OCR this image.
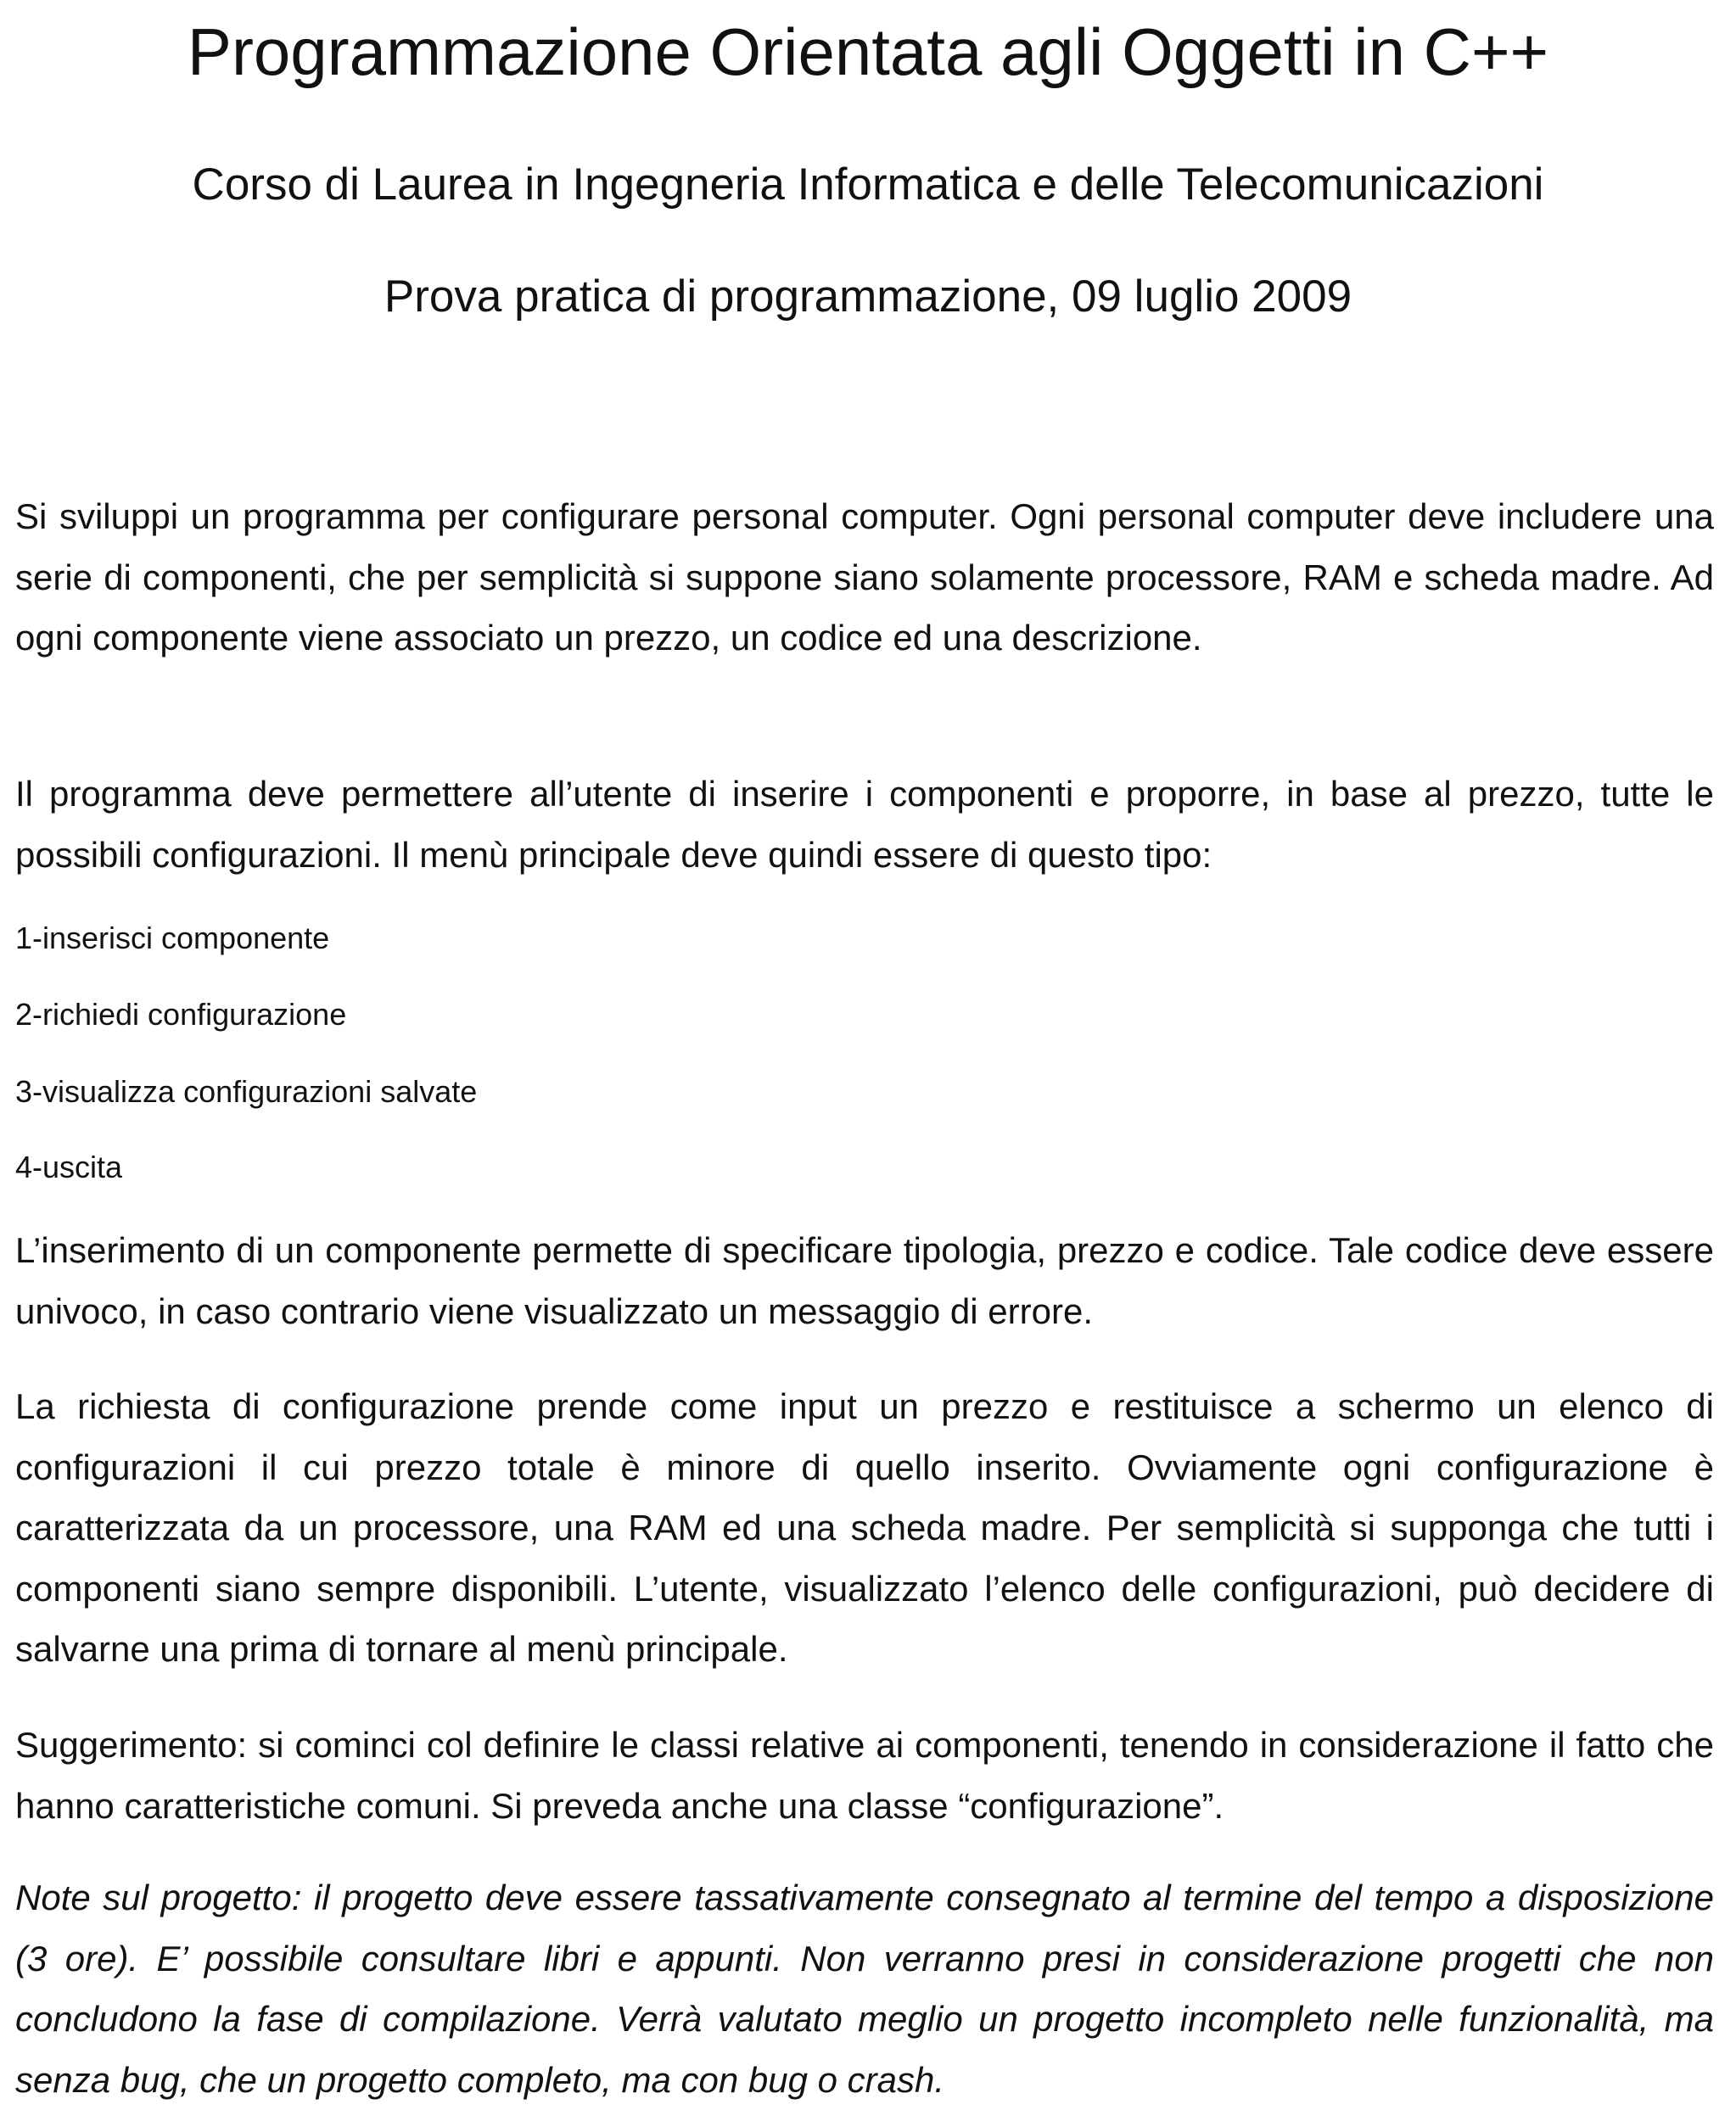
Programmazione Orientata agli Oggetti in C++
Corso di Laurea in Ingegneria Informatica e delle Telecomunicazioni
Prova pratica di programmazione, 09 luglio 2009

Si sviluppi un programma per configurare personal computer. Ogni personal computer deve includere una serie di componenti, che per semplicità si suppone siano solamente processore, RAM e scheda madre. Ad ogni componente viene associato un prezzo, un codice ed una descrizione.

Il programma deve permettere all’utente di inserire i componenti e proporre, in base al prezzo, tutte le possibili configurazioni. Il menù principale deve quindi essere di questo tipo:

1-inserisci componente

2-richiedi configurazione

3-visualizza configurazioni salvate

4-uscita

L’inserimento di un componente permette di specificare tipologia, prezzo e codice. Tale codice deve essere univoco, in caso contrario viene visualizzato un messaggio di errore.

La richiesta di configurazione prende come input un prezzo e restituisce a schermo un elenco di configurazioni il cui prezzo totale è minore di quello inserito. Ovviamente ogni configurazione è caratterizzata da un processore, una RAM ed una scheda madre. Per semplicità si supponga che tutti i componenti siano sempre disponibili. L’utente, visualizzato l’elenco delle configurazioni, può decidere di salvarne una prima di tornare al menù principale.

Suggerimento: si cominci col definire le classi relative ai componenti, tenendo in considerazione il fatto che hanno caratteristiche comuni. Si preveda anche una classe “configurazione”.

Note sul progetto: il progetto deve essere tassativamente consegnato al termine del tempo a disposizione (3 ore). E’ possibile consultare libri e appunti. Non verranno presi in considerazione progetti che non concludono la fase di compilazione. Verrà valutato meglio un progetto incompleto nelle funzionalità, ma senza bug, che un progetto completo, ma con bug o crash.
